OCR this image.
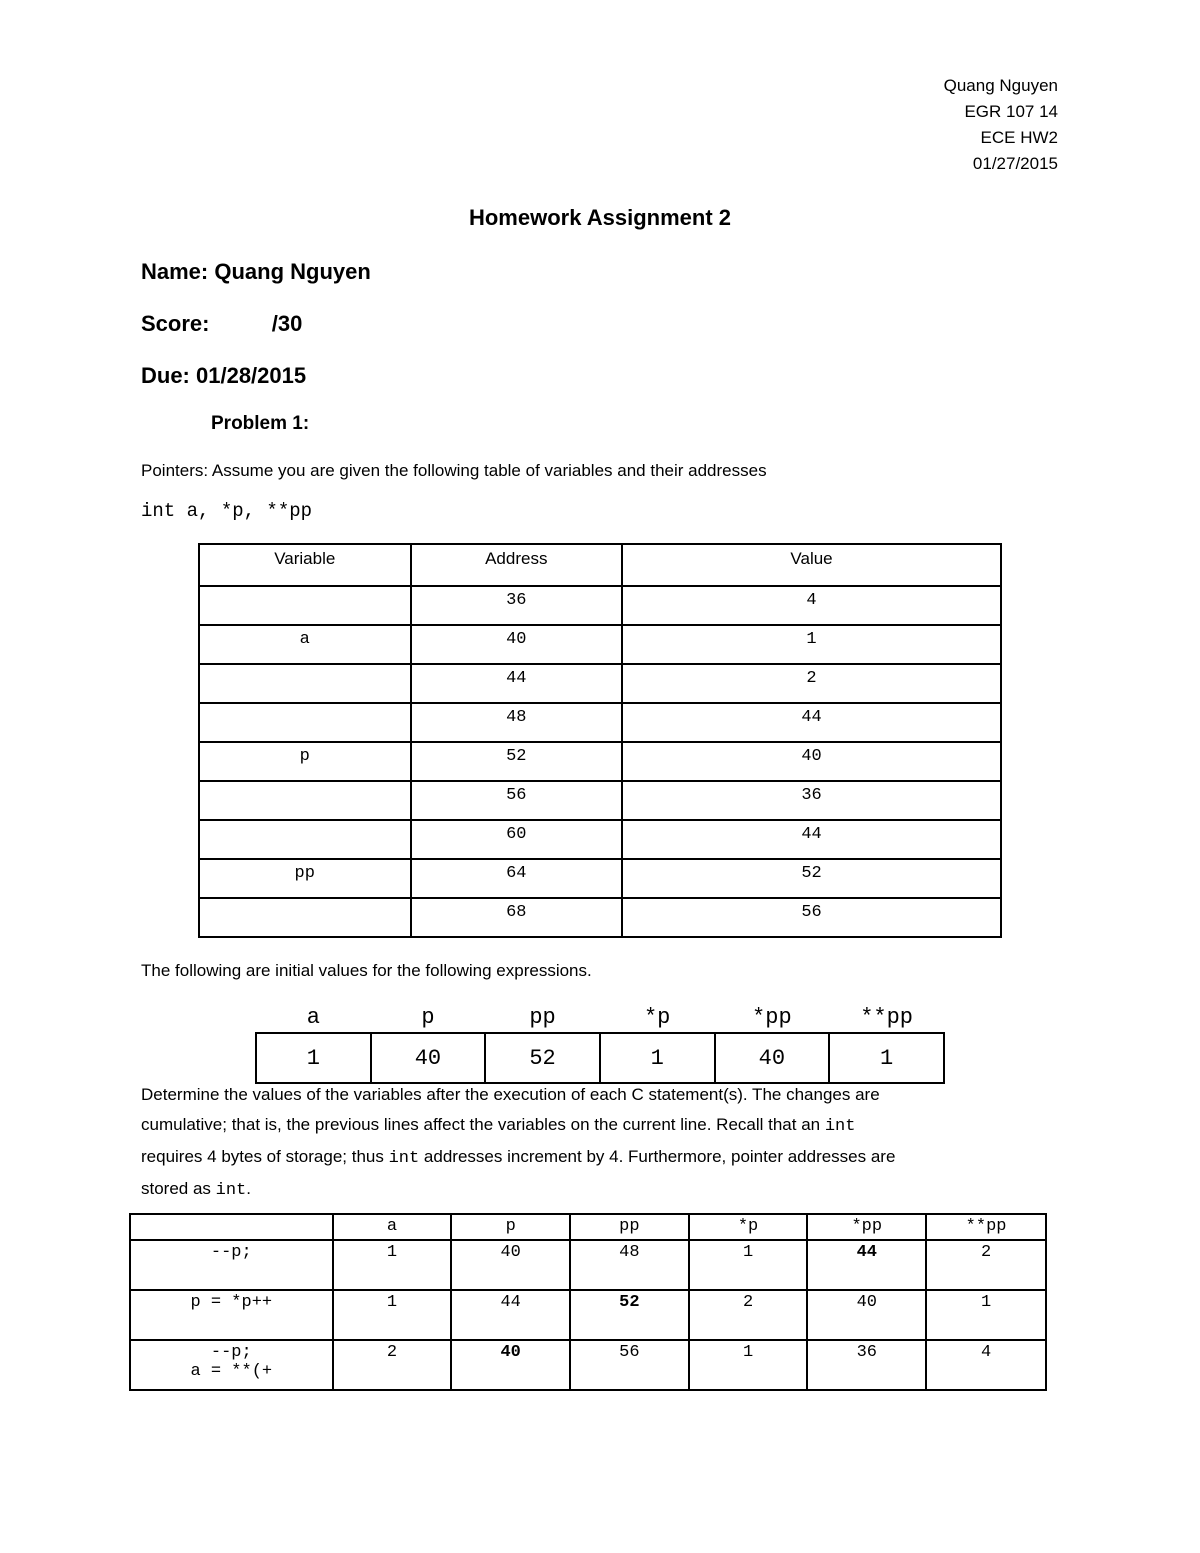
Quang Nguyen
EGR 107 14
ECE HW2
01/27/2015
Homework Assignment 2
Name: Quang Nguyen
Score:	/30
Due: 01/28/2015
Problem 1:
Pointers: Assume you are given the following table of variables and their addresses
int a, *p, **pp
Variable	Address	Value
	36	4
a	40	1
	44	2
	48	44
p	52	40
	56	36
	60	44
pp	64	52
	68	56
The following are initial values for the following expressions.
a	p	pp	*p	*pp	**pp
1	40	52	1	40	1
Determine the values of the variables after the execution of each C statement(s). The changes are
cumulative; that is, the previous lines affect the variables on the current line. Recall that an int
requires 4 bytes of storage; thus int addresses increment by 4. Furthermore, pointer addresses are
stored as int.
	a	p	pp	*p	*pp	**pp

--p;	1	40	48	1	44	2

p = *p++	1	44	52	2	40	1

--p;
a = **(+	2	40	56	1	36	4
